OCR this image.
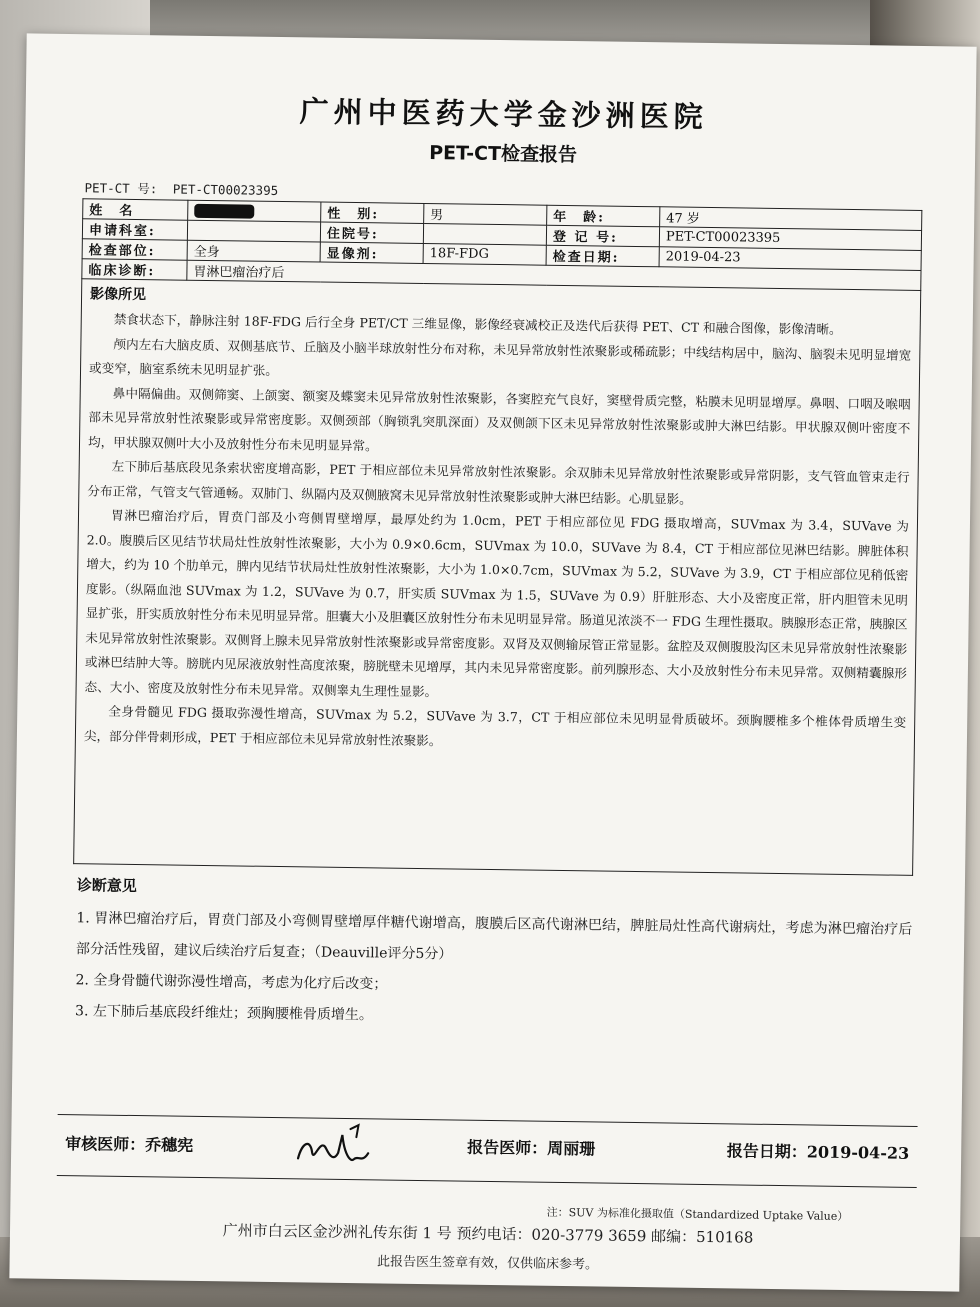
广州中医药大学金沙洲医院
PET-CT检查报告
PET-CT 号: PET-CT00023395
姓　名		性　别:	男	年　龄:	47 岁
申请科室:		住院号:		登 记 号:	PET-CT00023395
检查部位:	全身	显像剂:	18F-FDG	检查日期:	2019-04-23
临床诊断:	胃淋巴瘤治疗后				
影像所见

禁食状态下，静脉注射 18F-FDG 后行全身 PET/CT 三维显像，影像经衰减校正及迭代后获得 PET、CT 和融合图像，影像清晰。

颅内左右大脑皮质、双侧基底节、丘脑及小脑半球放射性分布对称，未见异常放射性浓聚影或稀疏影；中线结构居中，脑沟、脑裂未见明显增宽或变窄，脑室系统未见明显扩张。

鼻中隔偏曲。双侧筛窦、上颌窦、额窦及蝶窦未见异常放射性浓聚影，各窦腔充气良好，窦壁骨质完整，粘膜未见明显增厚。鼻咽、口咽及喉咽部未见异常放射性浓聚影或异常密度影。双侧颈部（胸锁乳突肌深面）及双侧颌下区未见异常放射性浓聚影或肿大淋巴结影。甲状腺双侧叶密度不均，甲状腺双侧叶大小及放射性分布未见明显异常。

左下肺后基底段见条索状密度增高影，PET 于相应部位未见异常放射性浓聚影。余双肺未见异常放射性浓聚影或异常阴影，支气管血管束走行分布正常，气管支气管通畅。双肺门、纵隔内及双侧腋窝未见异常放射性浓聚影或肿大淋巴结影。心肌显影。

胃淋巴瘤治疗后，胃贲门部及小弯侧胃壁增厚，最厚处约为 1.0cm，PET 于相应部位见 FDG 摄取增高，SUVmax 为 3.4，SUVave 为 2.0。腹膜后区见结节状局灶性放射性浓聚影，大小为 0.9×0.6cm，SUVmax 为 10.0，SUVave 为 8.4，CT 于相应部位见淋巴结影。脾脏体积增大，约为 10 个肋单元，脾内见结节状局灶性放射性浓聚影，大小为 1.0×0.7cm，SUVmax 为 5.2，SUVave 为 3.9，CT 于相应部位见稍低密度影。（纵隔血池 SUVmax 为 1.2，SUVave 为 0.7，肝实质 SUVmax 为 1.5，SUVave 为 0.9）肝脏形态、大小及密度正常，肝内胆管未见明显扩张，肝实质放射性分布未见明显异常。胆囊大小及胆囊区放射性分布未见明显异常。肠道见浓淡不一 FDG 生理性摄取。胰腺形态正常，胰腺区未见异常放射性浓聚影。双侧肾上腺未见异常放射性浓聚影或异常密度影。双肾及双侧输尿管正常显影。盆腔及双侧腹股沟区未见异常放射性浓聚影或淋巴结肿大等。膀胱内见尿液放射性高度浓聚，膀胱壁未见增厚，其内未见异常密度影。前列腺形态、大小及放射性分布未见异常。双侧精囊腺形态、大小、密度及放射性分布未见异常。双侧睾丸生理性显影。

全身骨髓见 FDG 摄取弥漫性增高，SUVmax 为 5.2，SUVave 为 3.7，CT 于相应部位未见明显骨质破坏。颈胸腰椎多个椎体骨质增生变尖，部分伴骨刺形成，PET 于相应部位未见异常放射性浓聚影。

诊断意见

1. 胃淋巴瘤治疗后，胃贲门部及小弯侧胃壁增厚伴糖代谢增高，腹膜后区高代谢淋巴结，脾脏局灶性高代谢病灶，考虑为淋巴瘤治疗后部分活性残留，建议后续治疗后复查；（Deauville评分5分）

2. 全身骨髓代谢弥漫性增高，考虑为化疗后改变；

3. 左下肺后基底段纤维灶；颈胸腰椎骨质增生。

审核医师：乔穗宪	报告医师：周丽珊	报告日期：2019-04-23
注：SUV 为标准化摄取值（Standardized Uptake Value）
广州市白云区金沙洲礼传东街 1 号 预约电话：020-3779 3659 邮编：510168
此报告医生签章有效，仅供临床参考。
